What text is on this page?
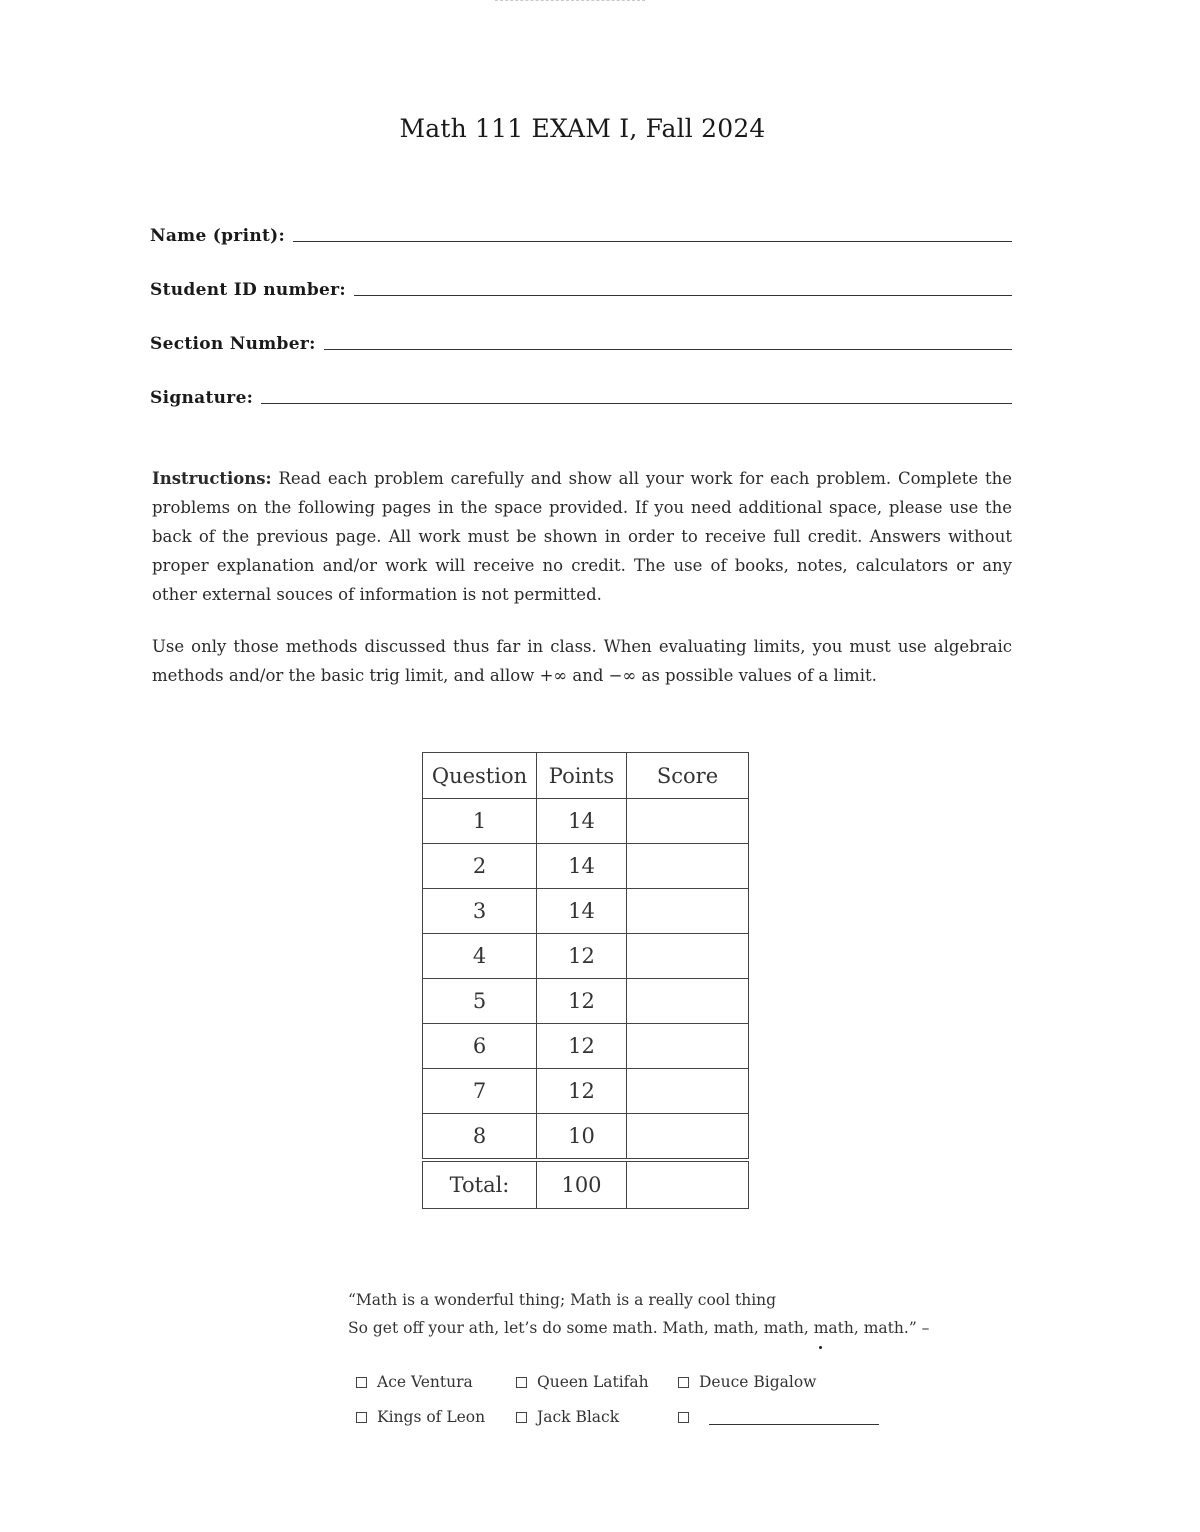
Math 111 EXAM I, Fall 2024
Name (print):
Student ID number:
Section Number:
Signature:
Instructions: Read each problem carefully and show all your work for each problem. Complete the problems on the following pages in the space provided. If you need additional space, please use the back of the previous page. All work must be shown in order to receive full credit. Answers without proper explanation and/or work will receive no credit. The use of books, notes, calculators or any other external souces of information is not permitted.
Use only those methods discussed thus far in class. When evaluating limits, you must use algebraic methods and/or the basic trig limit, and allow +∞ and −∞ as possible values of a limit.
Question	Points	Score
1	14	
2	14	
3	14	
4	12	
5	12	
6	12	
7	12	
8	10	
Total:	100	
“Math is a wonderful thing; Math is a really cool thing
So get off your ath, let’s do some math. Math, math, math, math, math.” –
Ace Ventura	Queen Latifah	Deuce Bigalow
Kings of Leon	Jack Black
